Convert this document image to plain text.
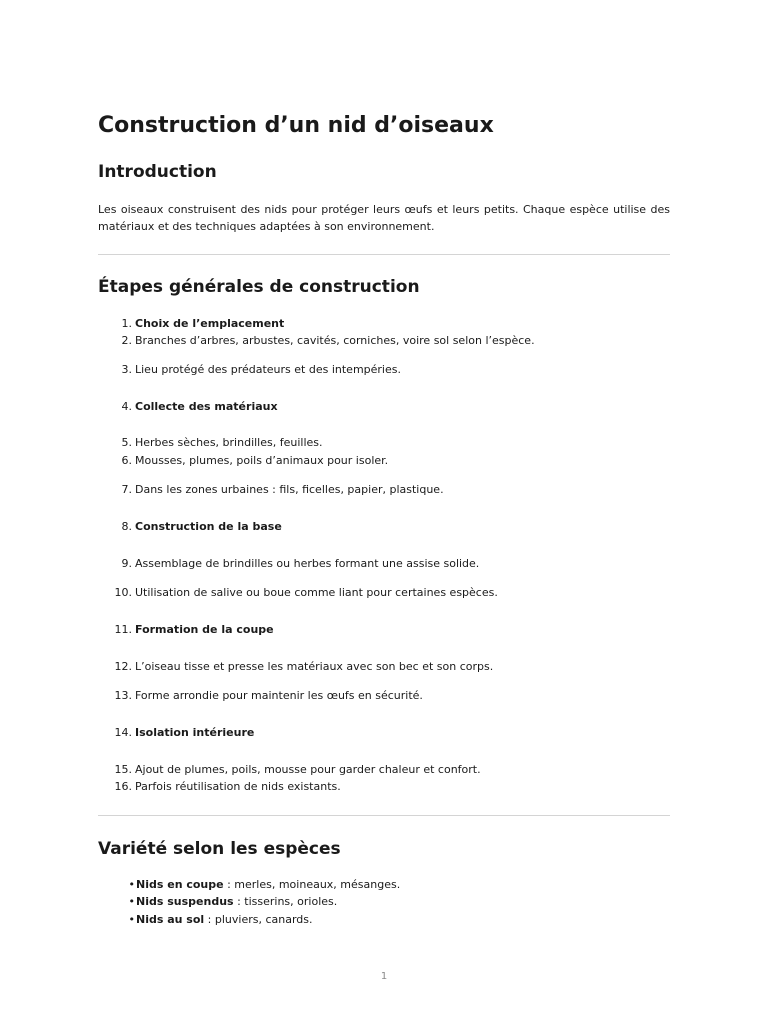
Construction d’un nid d’oiseaux
Introduction

Les oiseaux construisent des nids pour protéger leurs œufs et leurs petits. Chaque espèce utilise des matériaux et des techniques adaptées à son environnement.

Étapes générales de construction
1. Choix de l’emplacement
2. Branches d’arbres, arbustes, cavités, corniches, voire sol selon l’espèce.
3. Lieu protégé des prédateurs et des intempéries.
4. Collecte des matériaux
5. Herbes sèches, brindilles, feuilles.
6. Mousses, plumes, poils d’animaux pour isoler.
7. Dans les zones urbaines : fils, ficelles, papier, plastique.
8. Construction de la base
9. Assemblage de brindilles ou herbes formant une assise solide.
10. Utilisation de salive ou boue comme liant pour certaines espèces.
11. Formation de la coupe
12. L’oiseau tisse et presse les matériaux avec son bec et son corps.
13. Forme arrondie pour maintenir les œufs en sécurité.
14. Isolation intérieure
15. Ajout de plumes, poils, mousse pour garder chaleur et confort.
16. Parfois réutilisation de nids existants.
Variété selon les espèces
•Nids en coupe : merles, moineaux, mésanges.
•Nids suspendus : tisserins, orioles.
•Nids au sol : pluviers, canards.
1
